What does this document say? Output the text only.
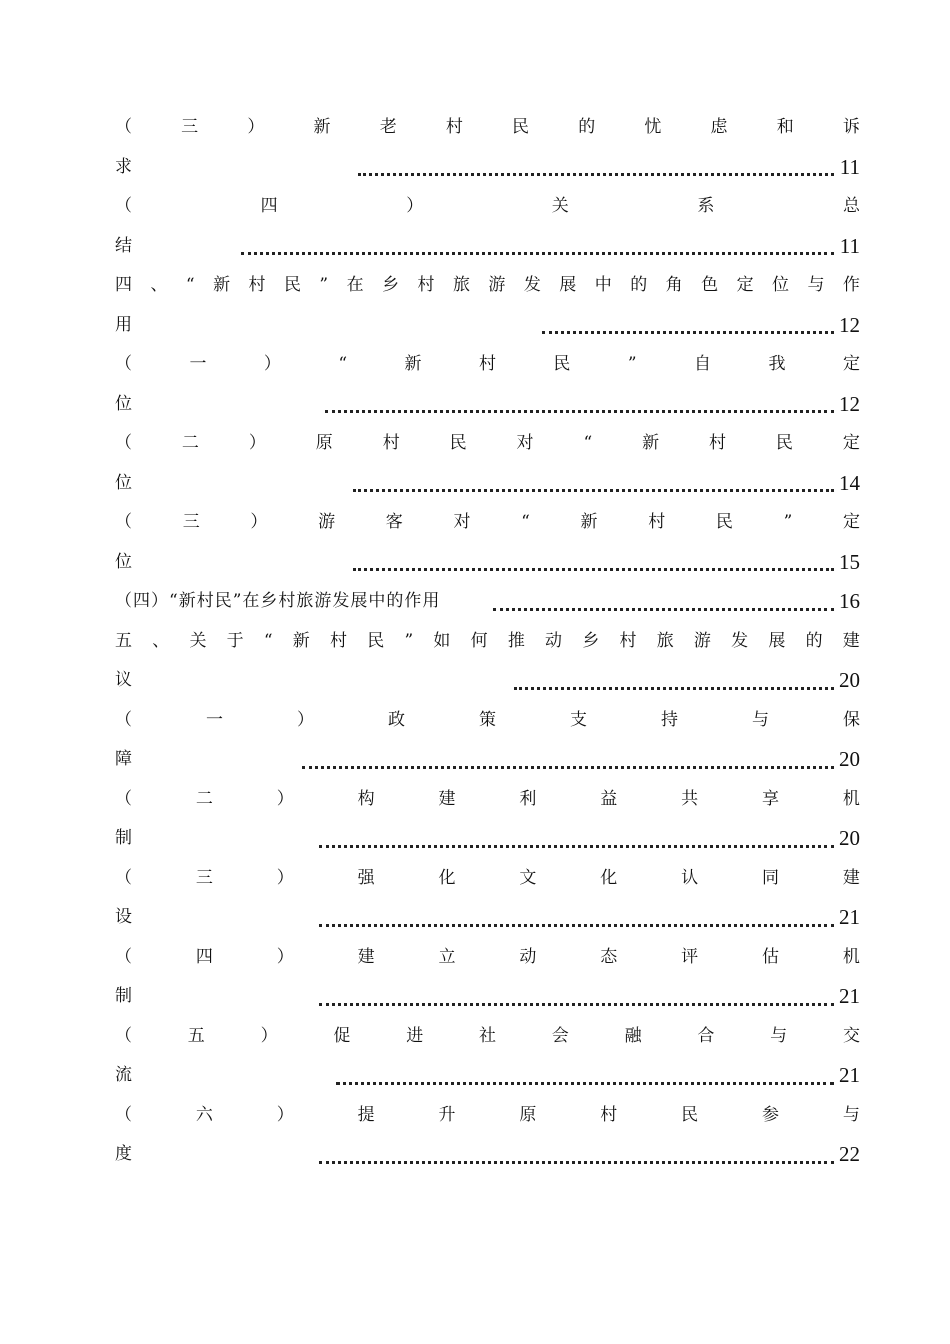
（	三	）	新	老	村	民	的	忧	虑	和	诉
求	11
（	四	）	关	系	总
结	11
四 、 “ 新 村 民 ” 在 乡 村 旅 游 发 展 中 的 角 色 定 位 与 作
用	12
（	一	）	“	新	村	民	”	自	我	定
位	12
（	二	）	原	村	民	对	“	新	村	民	定
位	14
（	三	）	游	客	对	“	新	村	民	”	定
位	15
（四）“新村民”在乡村旅游发展中的作用	16
五 、 关 于 “ 新 村 民 ” 如 何 推 动 乡 村 旅 游 发 展 的 建
议	20
（	一	）	政	策	支	持	与	保
障	20
（	二	）	构	建	利	益	共	享	机
制	20
（	三	）	强	化	文	化	认	同	建
设	21
（	四	）	建	立	动	态	评	估	机
制	21
（	五	）	促	进	社	会	融	合	与	交
流	21
（	六	）	提	升	原	村	民	参	与
度	22
